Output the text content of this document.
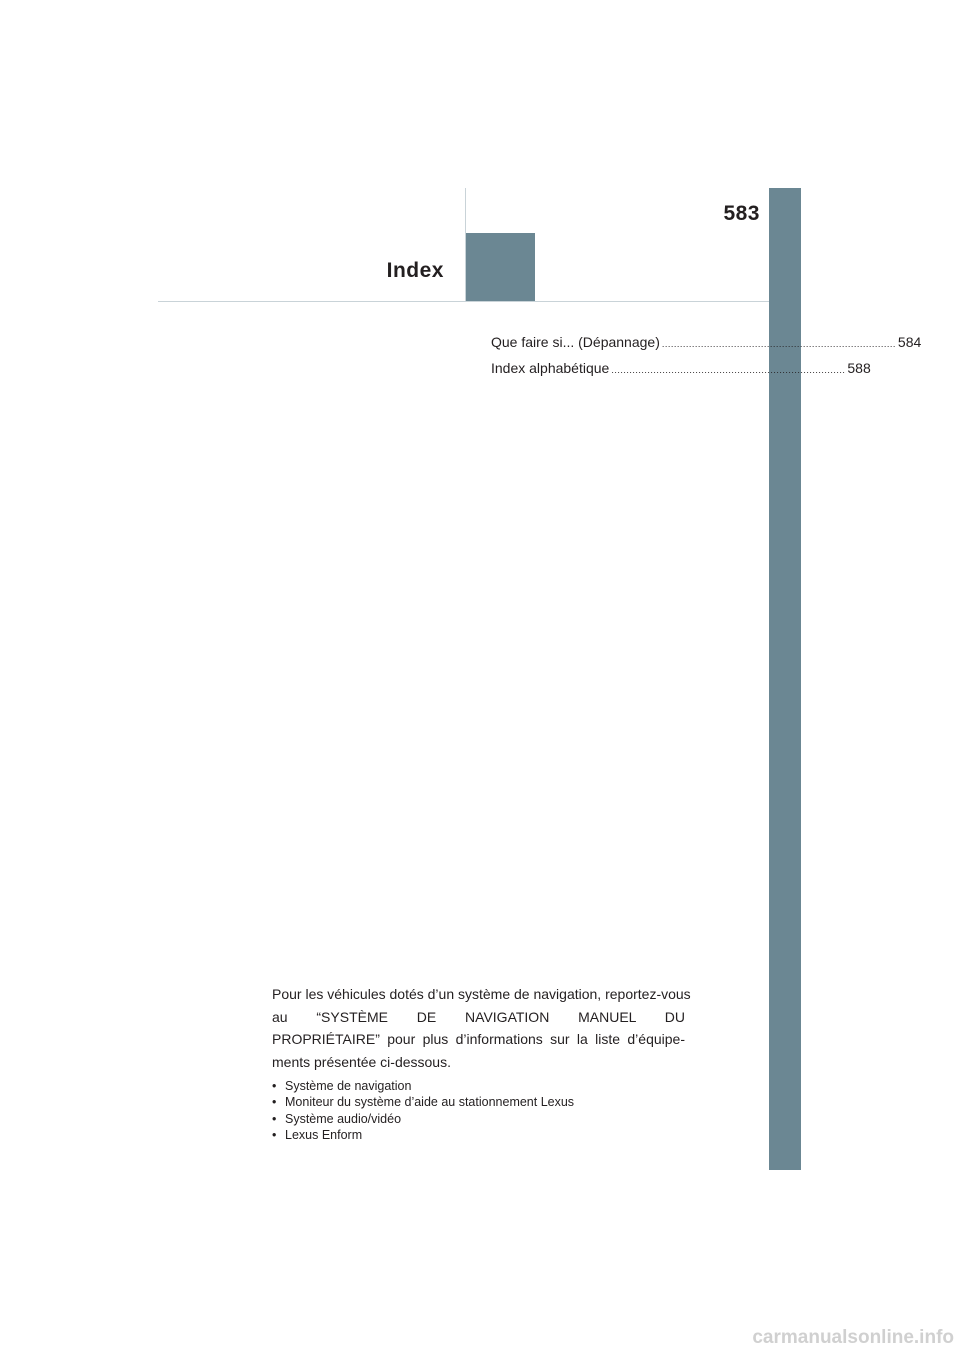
583
Index
Que faire si... (Dépannage) .............................................................................. 584
Index alphabétique .............................................................................. 588
Pour les véhicules dotés d’un système de navigation, reportez-vous
au “SYSTÈME DE NAVIGATION MANUEL DU
PROPRIÉTAIRE” pour plus d’informations sur la liste d’équipe-
ments présentée ci-dessous.
• Système de navigation
• Moniteur du système d’aide au stationnement Lexus
• Système audio/vidéo
• Lexus Enform
carmanualsonline.info
